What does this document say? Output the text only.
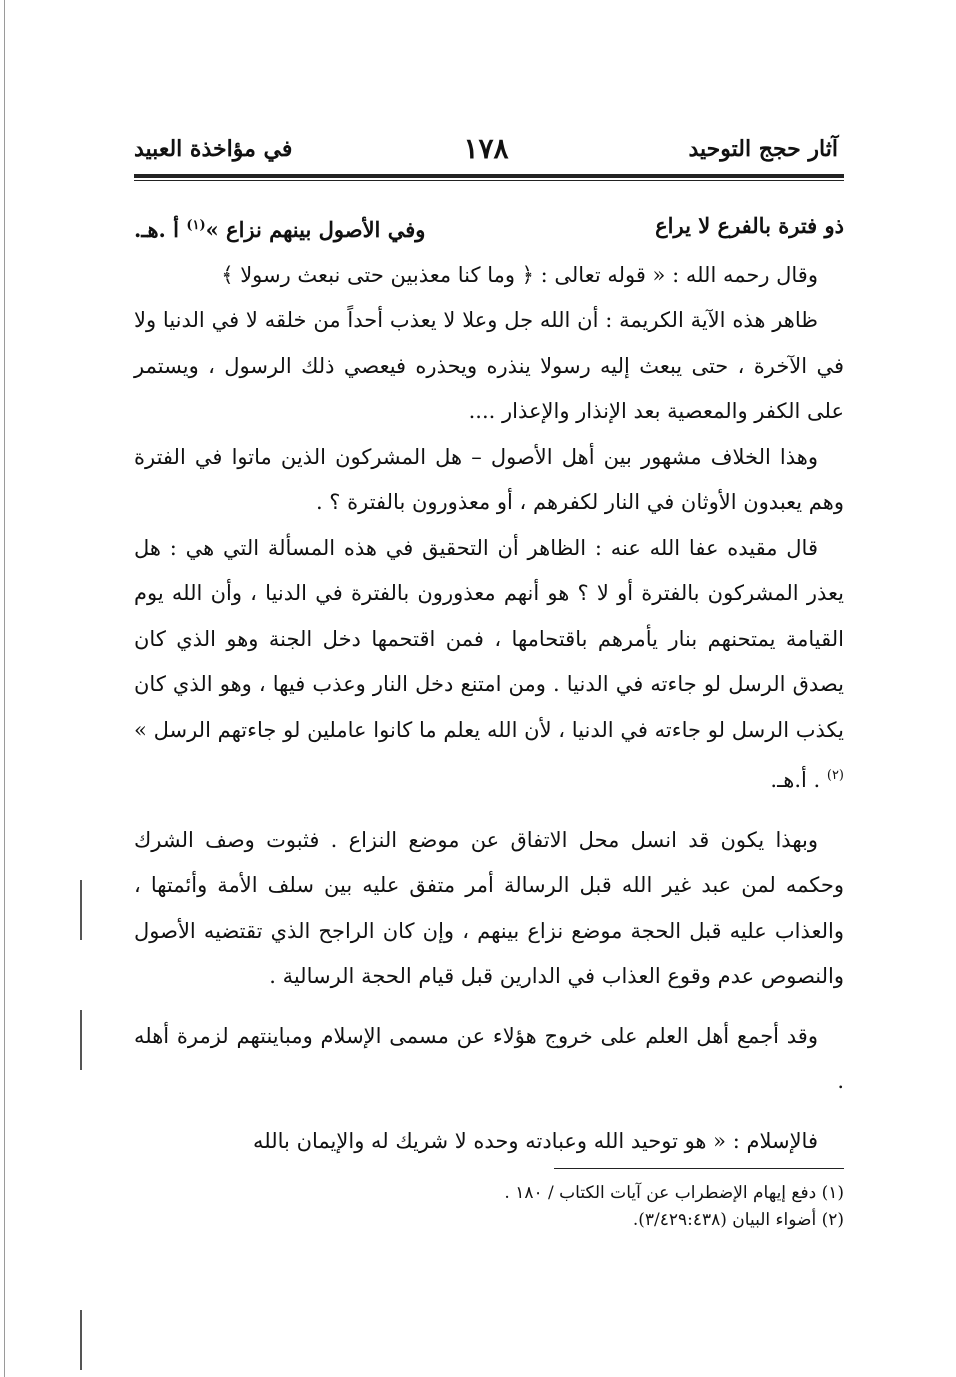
آثار حجج التوحيد
١٧٨
في مؤاخذة العبيد

ذو فترة بالفرع لا يراع
وفي الأصول بينهم نزاع »$^{(١)}$ أ .هـ.

وقال رحمه الله : « قوله تعالى : ﴿ وما كنا معذبين حتى نبعث رسولا ﴾

ظاهر هذه الآية الكريمة : أن الله جل وعلا لا يعذب أحداً من خلقه لا في الدنيا ولا في الآخرة ، حتى يبعث إليه رسولا ينذره ويحذره فيعصي ذلك الرسول ، ويستمر على الكفر والمعصية بعد الإنذار والإعذار ....

وهذا الخلاف مشهور بين أهل الأصول – هل المشركون الذين ماتوا في الفترة وهم يعبدون الأوثان في النار لكفرهم ، أو معذورون بالفترة ؟ .

قال مقيده عفا الله عنه : الظاهر أن التحقيق في هذه المسألة التي هي : هل يعذر المشركون بالفترة أو لا ؟ هو أنهم معذورون بالفترة في الدنيا ، وأن الله يوم القيامة يمتحنهم بنار يأمرهم باقتحامها ، فمن اقتحمها دخل الجنة وهو الذي كان يصدق الرسل لو جاءته في الدنيا . ومن امتنع دخل النار وعذب فيها ، وهو الذي كان يكذب الرسل لو جاءته في الدنيا ، لأن الله يعلم ما كانوا عاملين لو جاءتهم الرسل » $^{(٢)}$ . أ.هـ.

وبهذا يكون قد انسل محل الاتفاق عن موضع النزاع . فثبوت وصف الشرك وحكمه لمن عبد غير الله قبل الرسالة أمر متفق عليه بين سلف الأمة وأئمتها ، والعذاب عليه قبل الحجة موضع نزاع بينهم ، وإن كان الراجح الذي تقتضيه الأصول والنصوص عدم وقوع العذاب في الدارين قبل قيام الحجة الرسالية .

وقد أجمع أهل العلم على خروج هؤلاء عن مسمى الإسلام ومباينتهم لزمرة أهله .

فالإسلام : « هو توحيد الله وعبادته وحده لا شريك له والإيمان بالله

(١) دفع إيهام الإضطراب عن آيات الكتاب / ١٨٠ .

(٢) أضواء البيان (٣/٤٢٩:٤٣٨).
